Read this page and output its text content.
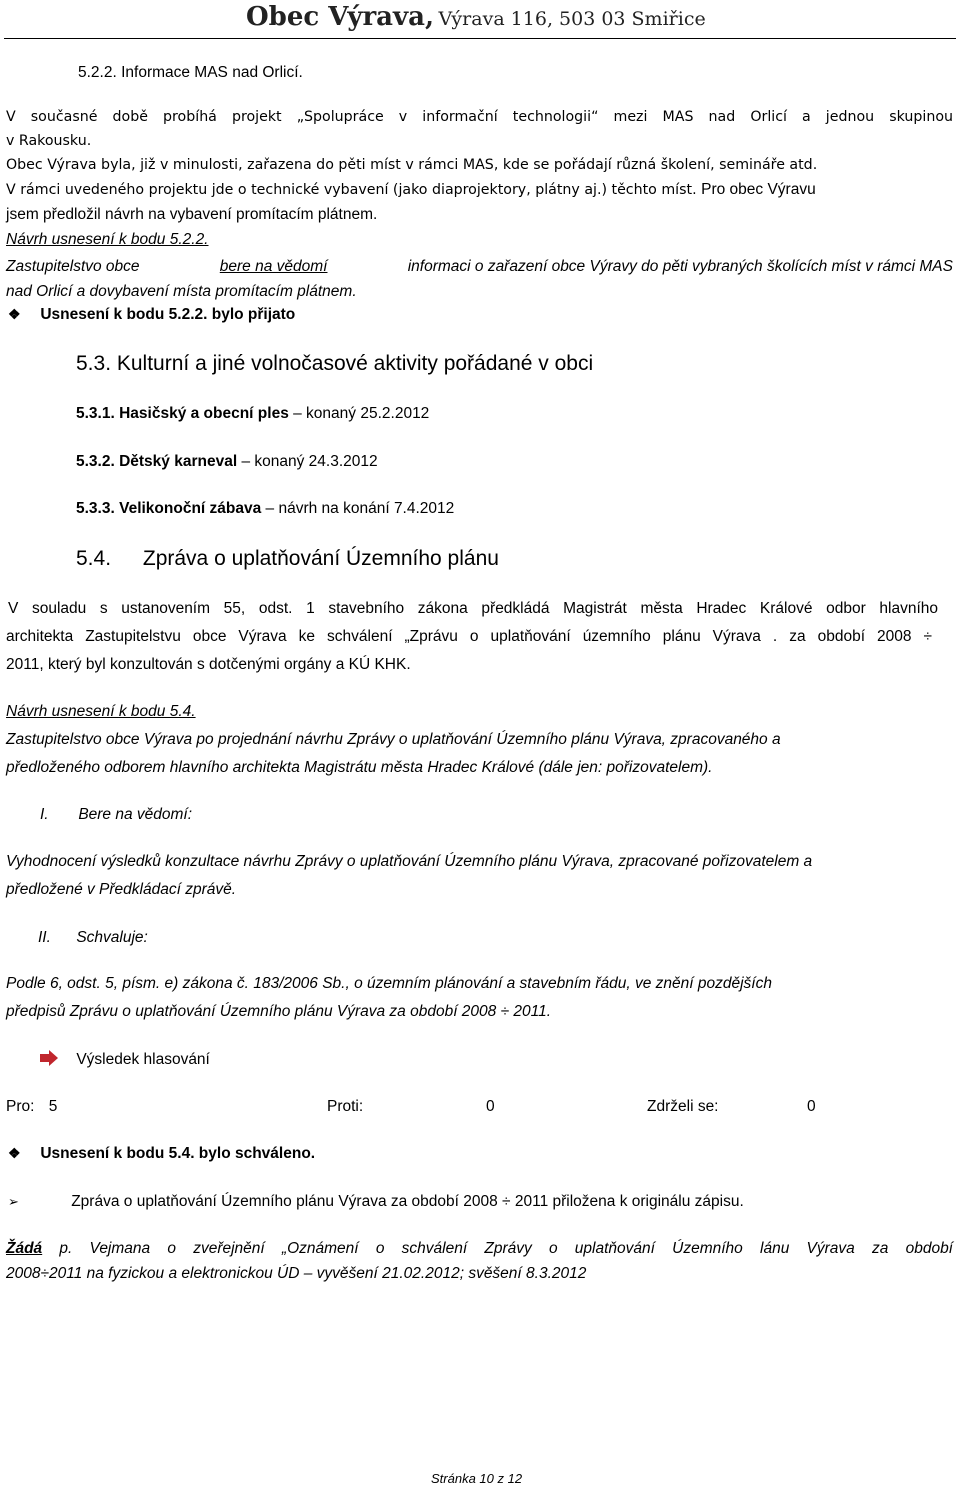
Obec Výrava, Výrava 116, 503 03 Smiřice
5.2.2. Informace MAS nad Orlicí.
V současné době probíhá projekt „Spolupráce v informační technologii“ mezi MAS nad Orlicí a jednou skupinou
v Rakousku.
Obec Výrava byla, již v minulosti, zařazena do pěti míst v rámci MAS, kde se pořádají různá školení, semináře atd.
V rámci uvedeného projektu jde o technické vybavení (jako diaprojektory, plátny aj.) těchto míst. Pro obec Výravu
jsem předložil návrh na vybavení promítacím plátnem.
Návrh usnesení k bodu 5.2.2.
Zastupitelstvo obce	bere na vědomí	informaci o zařazení obce Výravy do pěti vybraných školících míst v rámci MAS
nad Orlicí a dovybavení místa promítacím plátnem.
❖ Usnesení k bodu 5.2.2. bylo přijato
5.3. Kulturní a jiné volnočasové aktivity pořádané v obci
5.3.1. Hasičský a obecní ples – konaný 25.2.2012
5.3.2. Dětský karneval – konaný 24.3.2012
5.3.3. Velikonoční zábava – návrh na konání 7.4.2012
5.4. Zpráva o uplatňování Územního plánu
V souladu s ustanovením 55, odst. 1 stavebního zákona předkládá Magistrát města Hradec Králové odbor hlavního
architekta Zastupitelstvu obce Výrava ke schválení „Zprávu o uplatňování územního plánu Výrava . za období 2008 ÷
2011, který byl konzultován s dotčenými orgány a KÚ KHK.
Návrh usnesení k bodu 5.4.
Zastupitelstvo obce Výrava po projednání návrhu Zprávy o uplatňování Územního plánu Výrava, zpracovaného a
předloženého odborem hlavního architekta Magistrátu města Hradec Králové (dále jen: pořizovatelem).
I. Bere na vědomí:
Vyhodnocení výsledků konzultace návrhu Zprávy o uplatňování Územního plánu Výrava, zpracované pořizovatelem a
předložené v Předkládací zprávě.
II. Schvaluje:
Podle 6, odst. 5, písm. e) zákona č. 183/2006 Sb., o územním plánování a stavebním řádu, ve znění pozdějších
předpisů Zprávu o uplatňování Územního plánu Výrava za období 2008 ÷ 2011.
Výsledek hlasování
Pro: 5	Proti:	0	Zdrželi se:	0
❖ Usnesení k bodu 5.4. bylo schváleno.
➢	Zpráva o uplatňování Územního plánu Výrava za období 2008 ÷ 2011 přiložena k originálu zápisu.
Žádá p. Vejmana o zveřejnění „Oznámení o schválení Zprávy o uplatňování Územního lánu Výrava za období
2008÷2011 na fyzickou a elektronickou ÚD – vyvěšení 21.02.2012; svěšení 8.3.2012
Stránka 10 z 12
